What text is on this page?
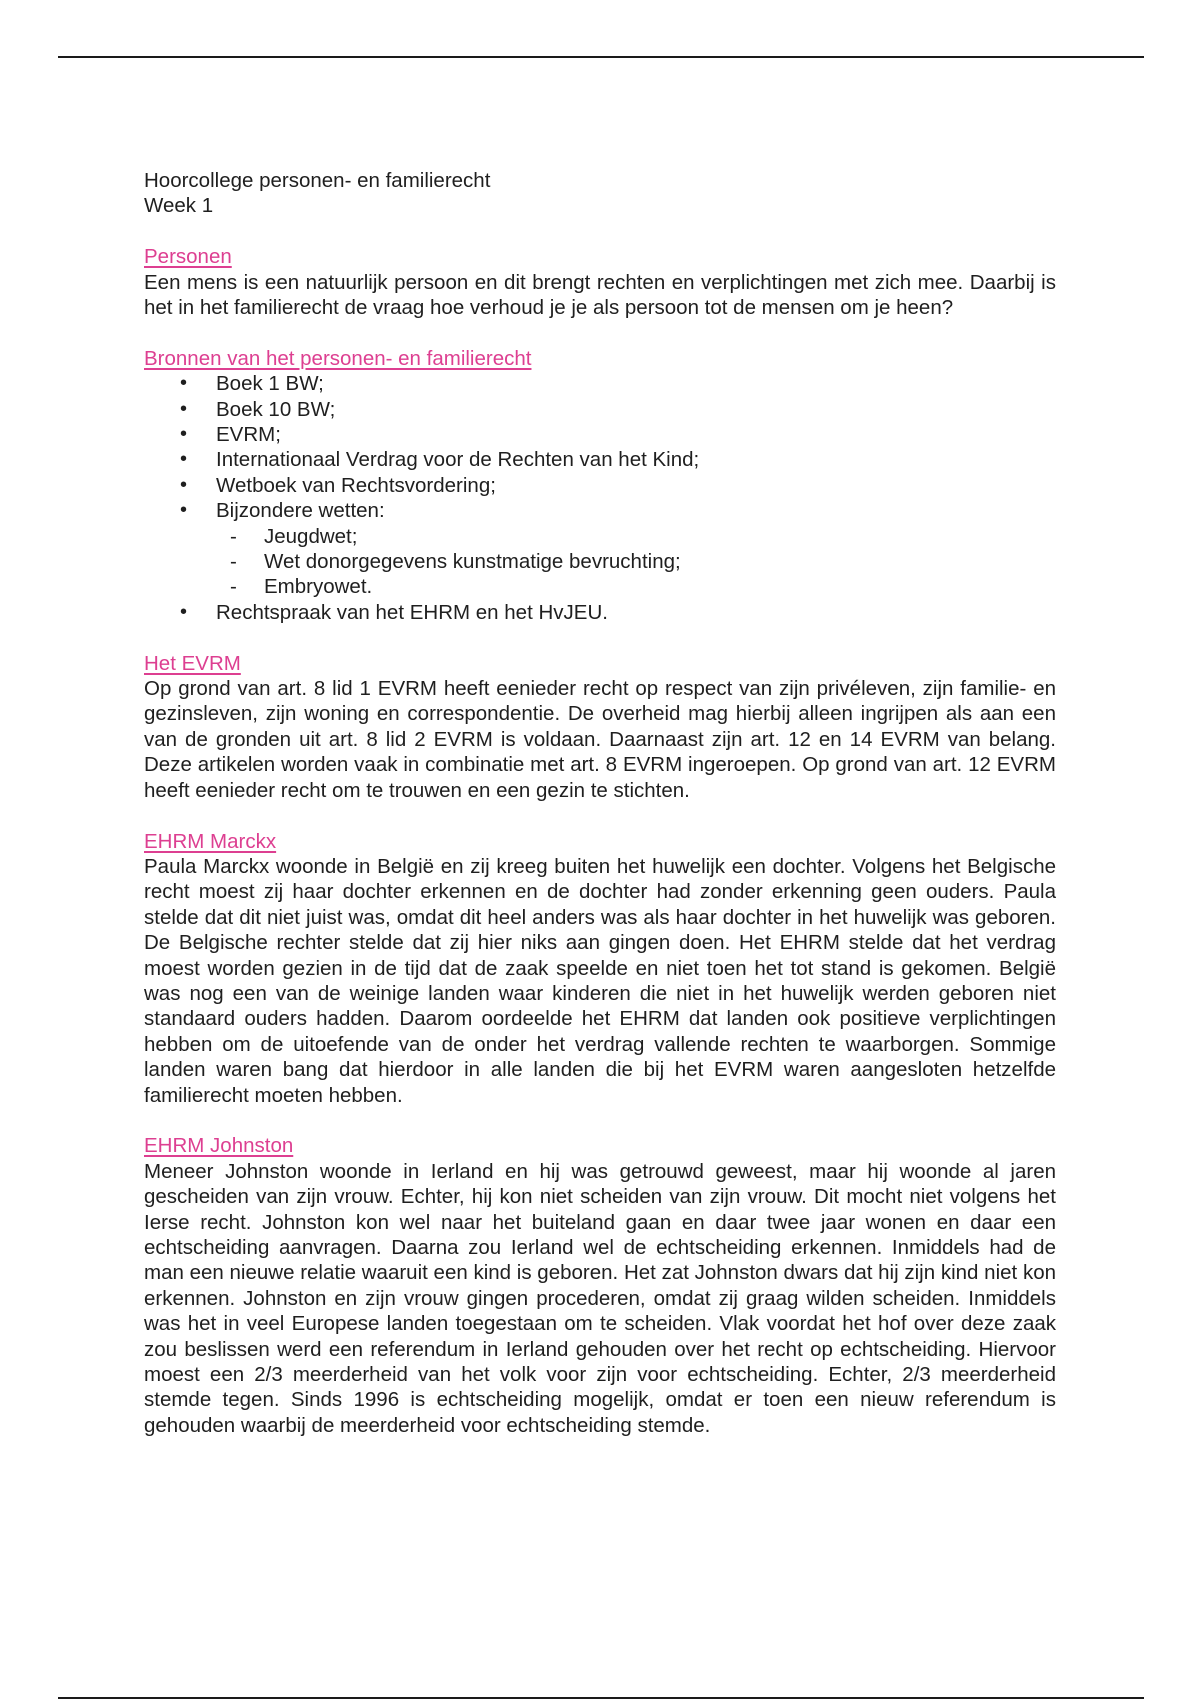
Hoorcollege personen- en familierecht

Week 1

Personen

Een mens is een natuurlijk persoon en dit brengt rechten en verplichtingen met zich mee. Daarbij is het in het familierecht de vraag hoe verhoud je je als persoon tot de mensen om je heen?

Bronnen van het personen- en familierecht

• Boek 1 BW;
• Boek 10 BW;
• EVRM;
• Internationaal Verdrag voor de Rechten van het Kind;
• Wetboek van Rechtsvordering;
• Bijzondere wetten:
- Jeugdwet;
- Wet donorgegevens kunstmatige bevruchting;
- Embryowet.
• Rechtspraak van het EHRM en het HvJEU.

Het EVRM

Op grond van art. 8 lid 1 EVRM heeft eenieder recht op respect van zijn privéleven, zijn familie- en gezinsleven, zijn woning en correspondentie. De overheid mag hierbij alleen ingrijpen als aan een van de gronden uit art. 8 lid 2 EVRM is voldaan. Daarnaast zijn art. 12 en 14 EVRM van belang. Deze artikelen worden vaak in combinatie met art. 8 EVRM ingeroepen. Op grond van art. 12 EVRM heeft eenieder recht om te trouwen en een gezin te stichten.

EHRM Marckx

Paula Marckx woonde in België en zij kreeg buiten het huwelijk een dochter. Volgens het Belgische recht moest zij haar dochter erkennen en de dochter had zonder erkenning geen ouders. Paula stelde dat dit niet juist was, omdat dit heel anders was als haar dochter in het huwelijk was geboren. De Belgische rechter stelde dat zij hier niks aan gingen doen. Het EHRM stelde dat het verdrag moest worden gezien in de tijd dat de zaak speelde en niet toen het tot stand is gekomen. België was nog een van de weinige landen waar kinderen die niet in het huwelijk werden geboren niet standaard ouders hadden. Daarom oordeelde het EHRM dat landen ook positieve verplichtingen hebben om de uitoefende van de onder het verdrag vallende rechten te waarborgen. Sommige landen waren bang dat hierdoor in alle landen die bij het EVRM waren aangesloten hetzelfde familierecht moeten hebben.

EHRM Johnston

Meneer Johnston woonde in Ierland en hij was getrouwd geweest, maar hij woonde al jaren gescheiden van zijn vrouw. Echter, hij kon niet scheiden van zijn vrouw. Dit mocht niet volgens het Ierse recht. Johnston kon wel naar het buiteland gaan en daar twee jaar wonen en daar een echtscheiding aanvragen. Daarna zou Ierland wel de echtscheiding erkennen. Inmiddels had de man een nieuwe relatie waaruit een kind is geboren. Het zat Johnston dwars dat hij zijn kind niet kon erkennen. Johnston en zijn vrouw gingen procederen, omdat zij graag wilden scheiden. Inmiddels was het in veel Europese landen toegestaan om te scheiden. Vlak voordat het hof over deze zaak zou beslissen werd een referendum in Ierland gehouden over het recht op echtscheiding. Hiervoor moest een 2/3 meerderheid van het volk voor zijn voor echtscheiding. Echter, 2/3 meerderheid stemde tegen. Sinds 1996 is echtscheiding mogelijk, omdat er toen een nieuw referendum is gehouden waarbij de meerderheid voor echtscheiding stemde.
